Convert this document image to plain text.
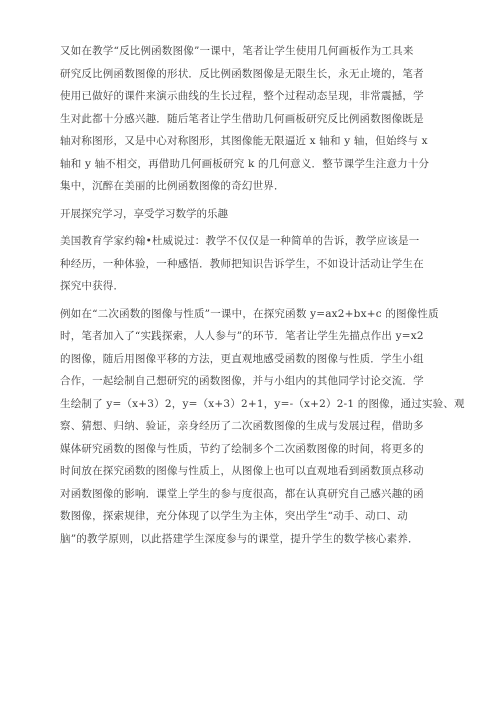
又如在教学“反比例函数图像”一课中，笔者让学生使用几何画板作为工具来
研究反比例函数图像的形状．反比例函数图像是无限生长，永无止境的，笔者
使用已做好的课件来演示曲线的生长过程，整个过程动态呈现，非常震撼，学
生对此都十分感兴趣．随后笔者让学生借助几何画板研究反比例函数图像既是
轴对称图形，又是中心对称图形，其图像能无限逼近 x 轴和 y 轴，但始终与 x
轴和 y 轴不相交，再借助几何画板研究 k 的几何意义．整节课学生注意力十分
集中，沉醉在美丽的比例函数图像的奇幻世界．
开展探究学习，享受学习数学的乐趣
美国教育学家约翰•杜威说过：教学不仅仅是一种简单的告诉，教学应该是一
种经历，一种体验，一种感悟．教师把知识告诉学生，不如设计活动让学生在
探究中获得．
例如在“二次函数的图像与性质”一课中，在探究函数 y=ax2+bx+c 的图像性质
时，笔者加入了“实践探索，人人参与”的环节．笔者让学生先描点作出 y=x2
的图像，随后用图像平移的方法，更直观地感受函数的图像与性质．学生小组
合作，一起绘制自己想研究的函数图像，并与小组内的其他同学讨论交流．学
生绘制了 y=（x+3）2，y=（x+3）2+1，y=-（x+2）2-1 的图像，通过实验、观
察、猜想、归纳、验证，亲身经历了二次函数图像的生成与发展过程，借助多
媒体研究函数的图像与性质，节约了绘制多个二次函数图像的时间，将更多的
时间放在探究函数的图像与性质上，从图像上也可以直观地看到函数顶点移动
对函数图像的影响．课堂上学生的参与度很高，都在认真研究自己感兴趣的函
数图像，探索规律，充分体现了以学生为主体，突出学生“动手、动口、动
脑”的教学原则，以此搭建学生深度参与的课堂，提升学生的数学核心素养．
